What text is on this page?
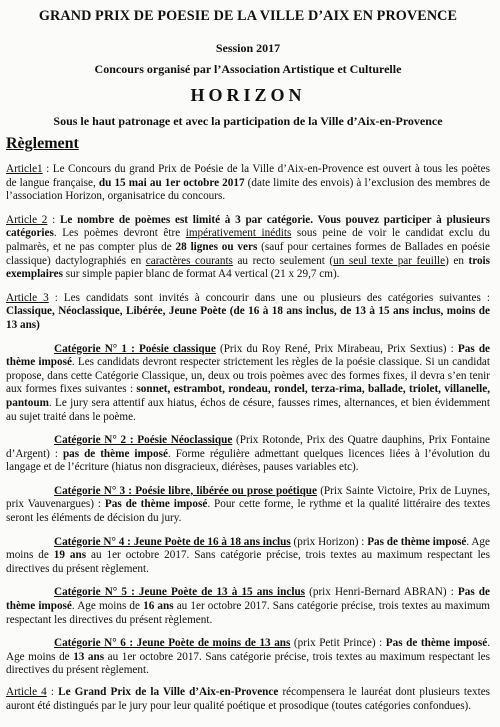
GRAND PRIX DE POESIE DE LA VILLE D’AIX EN PROVENCE
Session 2017
Concours organisé par l’Association Artistique et Culturelle
HORIZON
Sous le haut patronage et avec la participation de la Ville d’Aix-en-Provence
Règlement

Article1 : Le Concours du grand Prix de Poésie de la Ville d’Aix-en-Provence est ouvert à tous les poètes de langue française, du 15 mai au 1er octobre 2017 (date limite des envois) à l’exclusion des membres de l’association Horizon, organisatrice du concours.

Article 2 : Le nombre de poèmes est limité à 3 par catégorie. Vous pouvez participer à plusieurs catégories. Les poèmes devront être impérativement inédits sous peine de voir le candidat exclu du palmarès, et ne pas compter plus de 28 lignes ou vers (sauf pour certaines formes de Ballades en poésie classique) dactylographiés en caractères courants au recto seulement (un seul texte par feuille) en trois exemplaires sur simple papier blanc de format A4 vertical (21 x 29,7 cm).

Article 3 : Les candidats sont invités à concourir dans une ou plusieurs des catégories suivantes : Classique, Néoclassique, Libérée, Jeune Poète (de 16 à 18 ans inclus, de 13 à 15 ans inclus, moins de 13 ans)

Catégorie N° 1 : Poésie classique (Prix du Roy René, Prix Mirabeau, Prix Sextius) : Pas de thème imposé. Les candidats devront respecter strictement les règles de la poésie classique. Si un candidat propose, dans cette Catégorie Classique, un, deux ou trois poèmes avec des formes fixes, il devra s’en tenir aux formes fixes suivantes : sonnet, estrambot, rondeau, rondel, terza-rima, ballade, triolet, villanelle, pantoum. Le jury sera attentif aux hiatus, échos de césure, fausses rimes, alternances, et bien évidemment au sujet traité dans le poème.

Catégorie N° 2 : Poésie Néoclassique (Prix Rotonde, Prix des Quatre dauphins, Prix Fontaine d’Argent) : pas de thème imposé. Forme régulière admettant quelques licences liées à l’évolution du langage et de l’écriture (hiatus non disgracieux, diérèses, pauses variables etc).

Catégorie N° 3 : Poésie libre, libérée ou prose poétique (Prix Sainte Victoire, Prix de Luynes, prix Vauvenargues) : Pas de thème imposé. Pour cette forme, le rythme et la qualité littéraire des textes seront les éléments de décision du jury.

Catégorie N° 4 : Jeune Poète de 16 à 18 ans inclus (prix Horizon) : Pas de thème imposé. Age moins de 19 ans au 1er octobre 2017. Sans catégorie précise, trois textes au maximum respectant les directives du présent règlement.

Catégorie N° 5 : Jeune Poète de 13 à 15 ans inclus (prix Henri-Bernard ABRAN) : Pas de thème imposé. Age moins de 16 ans au 1er octobre 2017. Sans catégorie précise, trois textes au maximum respectant les directives du présent règlement.

Catégorie N° 6 : Jeune Poète de moins de 13 ans (prix Petit Prince) : Pas de thème imposé. Age moins de 13 ans au 1er octobre 2017. Sans catégorie précise, trois textes au maximum respectant les directives du présent règlement.

Article 4 : Le Grand Prix de la Ville d’Aix-en-Provence récompensera le lauréat dont plusieurs textes auront été distingués par le jury pour leur qualité poétique et prosodique (toutes catégories confondues).
